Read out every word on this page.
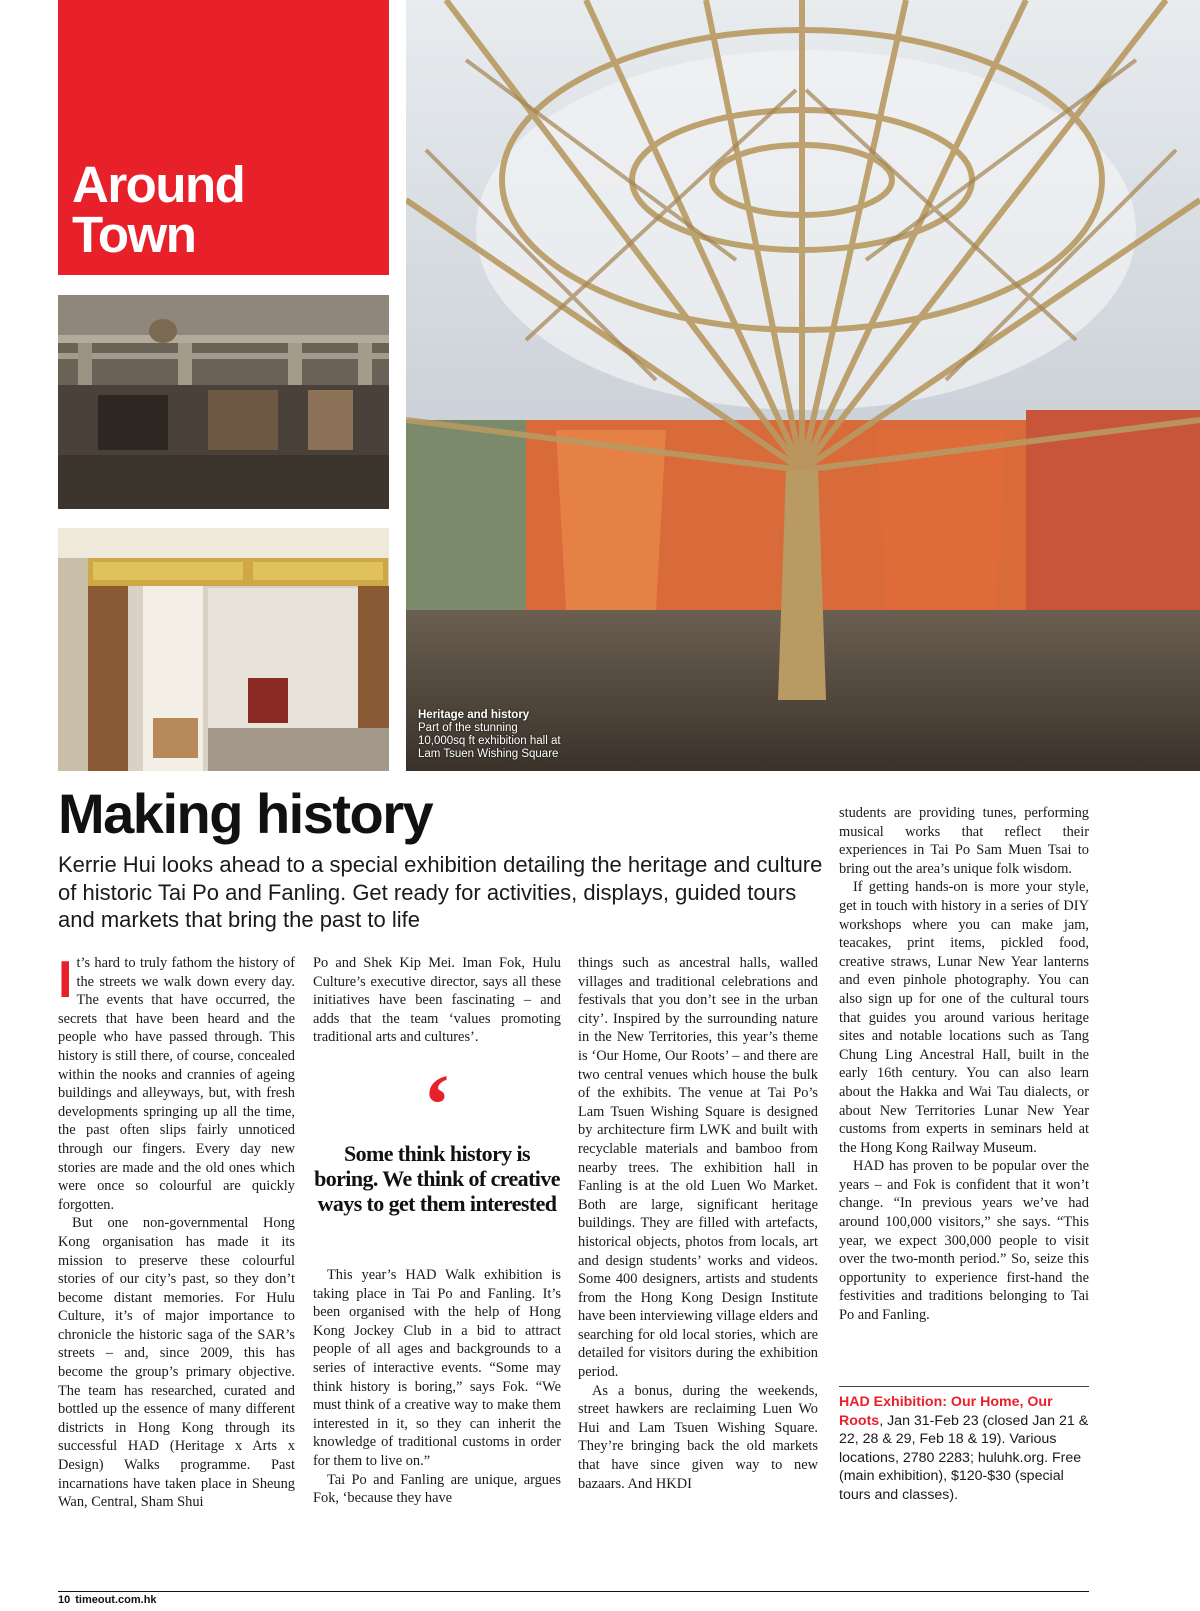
Around
Town
Heritage and history
Part of the stunning
10,000sq ft exhibition hall at
Lam Tsuen Wishing Square
Making history

Kerrie Hui looks ahead to a special exhibition detailing the heritage and culture of historic Tai Po and Fanling. Get ready for activities, displays, guided tours and markets that bring the past to life

It’s hard to truly fathom the history of the streets we walk down every day. The events that have occurred, the secrets that have been heard and the people who have passed through. This history is still there, of course, concealed within the nooks and crannies of ageing buildings and alleyways, but, with fresh developments springing up all the time, the past often slips fairly unnoticed through our fingers. Every day new stories are made and the old ones which were once so colourful are quickly forgotten.

But one non-governmental Hong Kong organisation has made it its mission to preserve these colourful stories of our city’s past, so they don’t become distant memories. For Hulu Culture, it’s of major importance to chronicle the historic saga of the SAR’s streets – and, since 2009, this has become the group’s primary objective. The team has researched, curated and bottled up the essence of many different districts in Hong Kong through its successful HAD (Heritage x Arts x Design) Walks programme. Past incarnations have taken place in Sheung Wan, Central, Sham Shui

Po and Shek Kip Mei. Iman Fok, Hulu Culture’s executive director, says all these initiatives have been fascinating – and adds that the team ‘values promoting traditional arts and cultures’.

‘

Some think history is boring. We think of creative ways to get them interested

This year’s HAD Walk exhibition is taking place in Tai Po and Fanling. It’s been organised with the help of Hong Kong Jockey Club in a bid to attract people of all ages and backgrounds to a series of interactive events. “Some may think history is boring,” says Fok. “We must think of a creative way to make them interested in it, so they can inherit the knowledge of traditional customs in order for them to live on.”

Tai Po and Fanling are unique, argues Fok, ‘because they have

things such as ancestral halls, walled villages and traditional celebrations and festivals that you don’t see in the urban city’. Inspired by the surrounding nature in the New Territories, this year’s theme is ‘Our Home, Our Roots’ – and there are two central venues which house the bulk of the exhibits. The venue at Tai Po’s Lam Tsuen Wishing Square is designed by architecture firm LWK and built with recyclable materials and bamboo from nearby trees. The exhibition hall in Fanling is at the old Luen Wo Market. Both are large, significant heritage buildings. They are filled with artefacts, historical objects, photos from locals, art and design students’ works and videos. Some 400 designers, artists and students from the Hong Kong Design Institute have been interviewing village elders and searching for old local stories, which are detailed for visitors during the exhibition period.

As a bonus, during the weekends, street hawkers are reclaiming Luen Wo Hui and Lam Tsuen Wishing Square. They’re bringing back the old markets that have since given way to new bazaars. And HKDI

students are providing tunes, performing musical works that reflect their experiences in Tai Po Sam Muen Tsai to bring out the area’s unique folk wisdom.

If getting hands-on is more your style, get in touch with history in a series of DIY workshops where you can make jam, teacakes, print items, pickled food, creative straws, Lunar New Year lanterns and even pinhole photography. You can also sign up for one of the cultural tours that guides you around various heritage sites and notable locations such as Tang Chung Ling Ancestral Hall, built in the early 16th century. You can also learn about the Hakka and Wai Tau dialects, or about New Territories Lunar New Year customs from experts in seminars held at the Hong Kong Railway Museum.

HAD has proven to be popular over the years – and Fok is confident that it won’t change. “In previous years we’ve had around 100,000 visitors,” she says. “This year, we expect 300,000 people to visit over the two-month period.” So, seize this opportunity to experience first-hand the festivities and traditions belonging to Tai Po and Fanling.

HAD Exhibition: Our Home, Our Roots, Jan 31-Feb 23 (closed Jan 21 & 22, 28 & 29, Feb 18 & 19). Various locations, 2780 2283; huluhk.org. Free (main exhibition), $120-$30 (special tours and classes).
10 timeout.com.hk
